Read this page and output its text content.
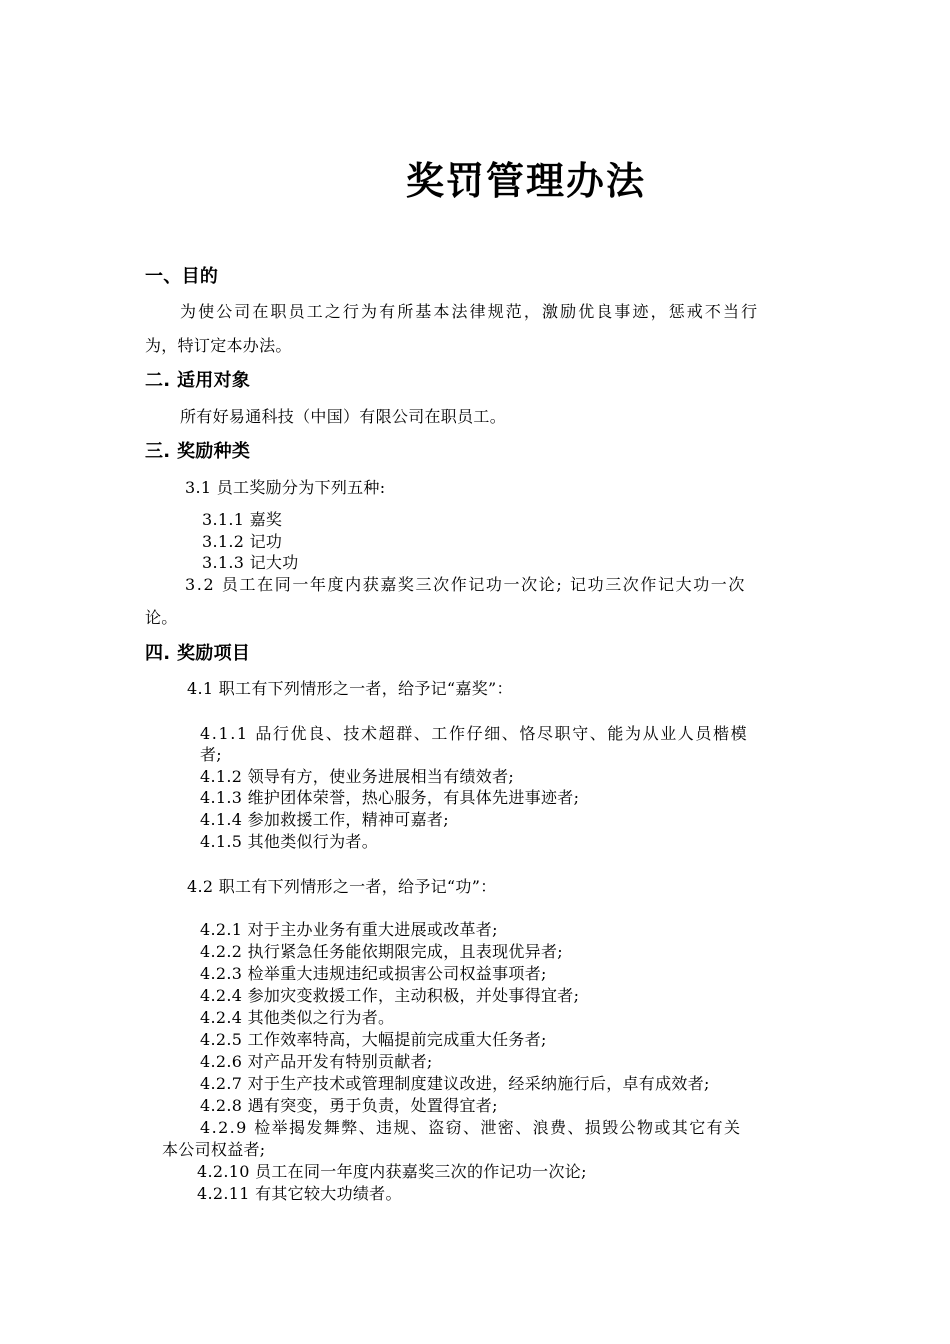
奖罚管理办法
一、目的
为使公司在职员工之行为有所基本法律规范，激励优良事迹，惩戒不当行
为，特订定本办法。
二. 适用对象
所有好易通科技（中国）有限公司在职员工。
三. 奖励种类
3.1 员工奖励分为下列五种:
3.1.1 嘉奖
3.1.2 记功
3.1.3 记大功
3.2 员工在同一年度内获嘉奖三次作记功一次论; 记功三次作记大功一次
论。
四. 奖励项目
4.1 职工有下列情形之一者，给予记“嘉奖”：
4.1.1 品行优良、技术超群、工作仔细、恪尽职守、能为从业人员楷模
者;
4.1.2 领导有方，使业务进展相当有绩效者;
4.1.3 维护团体荣誉，热心服务，有具体先进事迹者;
4.1.4 参加救援工作，精神可嘉者;
4.1.5 其他类似行为者。
4.2 职工有下列情形之一者，给予记“功”：
4.2.1 对于主办业务有重大进展或改革者;
4.2.2 执行紧急任务能依期限完成，且表现优异者;
4.2.3 检举重大违规违纪或损害公司权益事项者;
4.2.4 参加灾变救援工作，主动积极，并处事得宜者;
4.2.4 其他类似之行为者。
4.2.5 工作效率特高，大幅提前完成重大任务者;
4.2.6 对产品开发有特别贡献者;
4.2.7 对于生产技术或管理制度建议改进，经采纳施行后，卓有成效者;
4.2.8 遇有突变，勇于负责，处置得宜者;
4.2.9 检举揭发舞弊、违规、盗窃、泄密、浪费、损毁公物或其它有关
本公司权益者;
4.2.10 员工在同一年度内获嘉奖三次的作记功一次论;
4.2.11 有其它较大功绩者。
